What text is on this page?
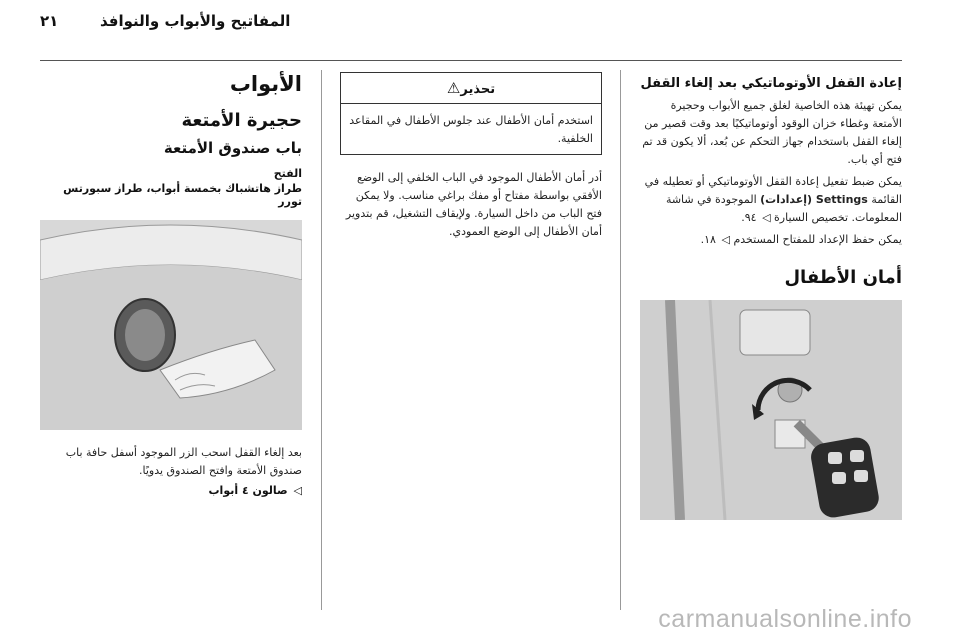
٢١	المفاتيح والأبواب والنوافذ
إعادة القفل الأوتوماتيكي بعد إلغاء القفل

يمكن تهيئة هذه الخاصية لغلق جميع الأبواب وحجيرة الأمتعة وغطاء خزان الوقود أوتوماتيكيًا بعد وقت قصير من إلغاء القفل باستخدام جهاز التحكم عن بُعد، ألا يكون قد تم فتح أي باب.

يمكن ضبط تفعيل إعادة القفل الأوتوماتيكي أو تعطيله في القائمة Settings (إعدادات) الموجودة في شاشة المعلومات. تخصيص السيارة ◁ ٩٤.

يمكن حفظ الإعداد للمفتاح المستخدم ◁ ١٨.

أمان الأطفال
تحذير⚠
استخدم أمان الأطفال عند جلوس الأطفال في المقاعد الخلفية.

أدر أمان الأطفال الموجود في الباب الخلفي إلى الوضع الأفقي بواسطة مفتاح أو مفك براغي مناسب. ولا يمكن فتح الباب من داخل السيارة. ولإيقاف التشغيل، قم بتدوير أمان الأطفال إلى الوضع العمودي.

الأبواب
حجيرة الأمتعة
باب صندوق الأمتعة
الفتح
طراز هاتشباك بخمسة أبواب، طراز سبورتس تورر

بعد إلغاء القفل اسحب الزر الموجود أسفل حافة باب صندوق الأمتعة وافتح الصندوق يدويًا.

◁ صالون ٤ أبواب
carmanualsonline.info
